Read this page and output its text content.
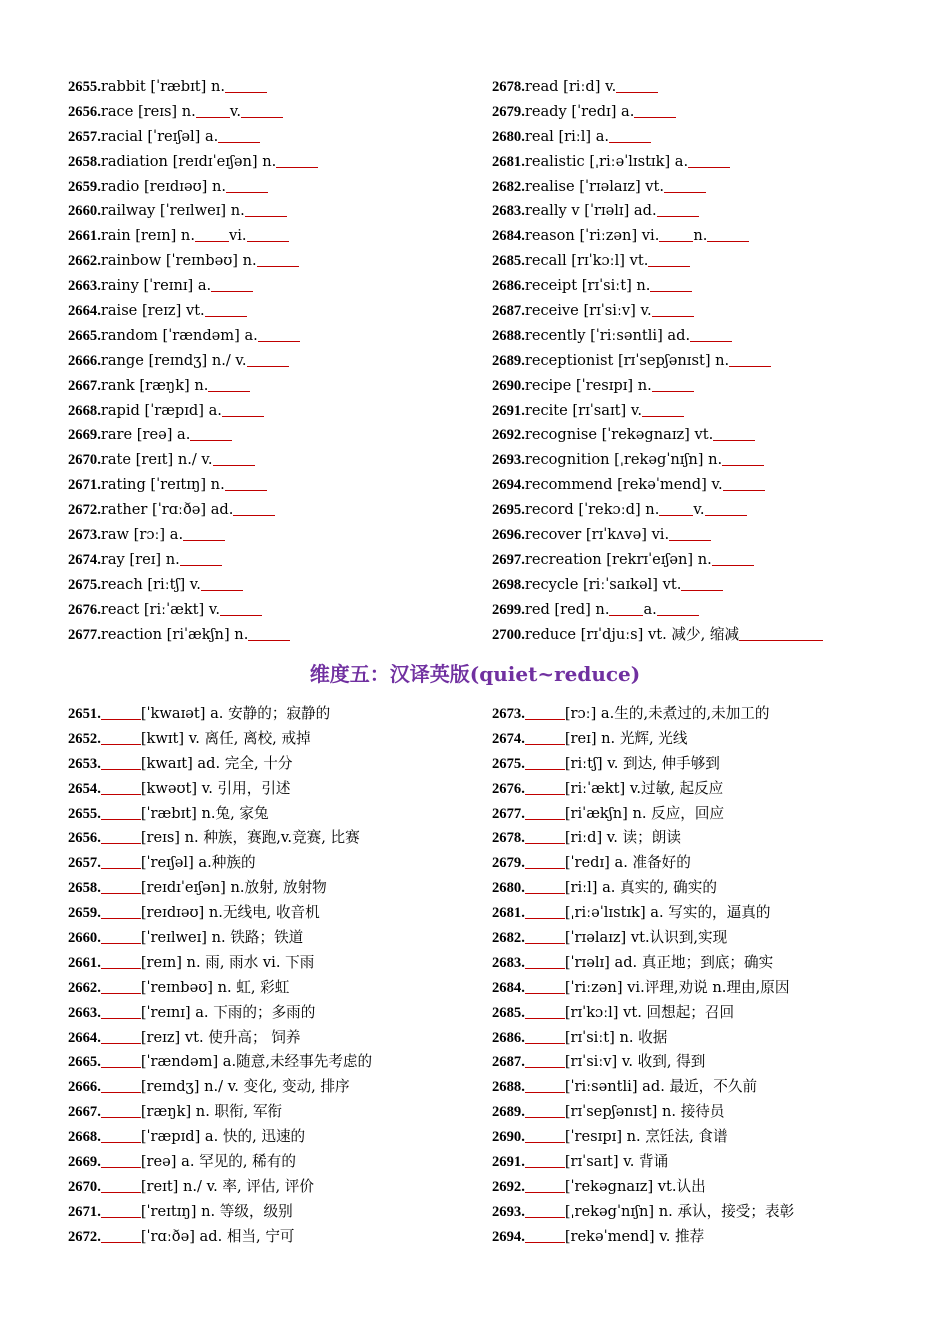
2655.rabbit [ˈræbɪt] n.
2656.race [reɪs] n. v.
2657.racial [ˈreɪʃəl] a.
2658.radiation [reɪdɪˈeɪʃən] n.
2659.radio [reɪdɪəʊ] n.
2660.railway [ˈreɪlweɪ] n.
2661.rain [reɪn] n. vi.
2662.rainbow [ˈreɪnbəʊ] n.
2663.rainy [ˈreɪnɪ] a.
2664.raise [reɪz] vt.
2665.random [ˈrændəm] a.
2666.range [reɪndʒ] n./ v.
2667.rank [ræŋk] n.
2668.rapid [ˈræpɪd] a.
2669.rare [reə] a.
2670.rate [reɪt] n./ v.
2671.rating [ˈreɪtɪŋ] n.
2672.rather [ˈrɑːðə] ad.
2673.raw [rɔː] a.
2674.ray [reɪ] n.
2675.reach [riːtʃ] v.
2676.react [riːˈækt] v.
2677.reaction [riˈækʃn] n.
2678.read [riːd] v.
2679.ready [ˈredɪ] a.
2680.real [riːl] a.
2681.realistic [ˌriːəˈlɪstɪk] a.
2682.realise [ˈrɪəlaɪz] vt.
2683.really v [ˈrɪəlɪ] ad.
2684.reason [ˈriːzən] vi. n.
2685.recall [rɪˈkɔːl] vt.
2686.receipt [rɪˈsiːt] n.
2687.receive [rɪˈsiːv] v.
2688.recently [ˈriːsəntli] ad.
2689.receptionist [rɪˈsepʃənɪst] n.
2690.recipe [ˈresɪpɪ] n.
2691.recite [rɪˈsaɪt] v.
2692.recognise [ˈrekəgnaɪz] vt.
2693.recognition [ˌrekəgˈnɪʃn] n.
2694.recommend [rekəˈmend] v.
2695.record [ˈrekɔːd] n. v.
2696.recover [rɪˈkʌvə] vi.
2697.recreation [rekrɪˈeɪʃən] n.
2698.recycle [riːˈsaɪkəl] vt.
2699.red [red] n. a.
2700.reduce [rɪˈdjuːs] vt. 减少, 缩减
维度五：汉译英版(quiet~reduce)
2651.	[ˈkwaɪət] a. 安静的；寂静的
2652.	[kwɪt] v. 离任, 离校, 戒掉
2653.	[kwaɪt] ad. 完全, 十分
2654.	[kwəʊt] v. 引用，引述
2655.	[ˈræbɪt] n.兔, 家兔
2656.	[reɪs] n. 种族，赛跑,v.竞赛, 比赛
2657.	[ˈreɪʃəl] a.种族的
2658.	[reɪdɪˈeɪʃən] n.放射, 放射物
2659.	[reɪdɪəʊ] n.无线电, 收音机
2660.	[ˈreɪlweɪ] n. 铁路；铁道
2661.	[reɪn] n. 雨, 雨水 vi. 下雨
2662.	[ˈreɪnbəʊ] n. 虹, 彩虹
2663.	[ˈreɪnɪ] a. 下雨的；多雨的
2664.	[reɪz] vt. 使升高； 饲养
2665.	[ˈrændəm] a.随意,未经事先考虑的
2666.	[reɪndʒ] n./ v. 变化, 变动, 排序
2667.	[ræŋk] n. 职衔, 军衔
2668.	[ˈræpɪd] a. 快的, 迅速的
2669.	[reə] a. 罕见的, 稀有的
2670.	[reɪt] n./ v. 率, 评估, 评价
2671.	[ˈreɪtɪŋ] n. 等级，级别
2672.	[ˈrɑːðə] ad. 相当, 宁可
2673.	[rɔː] a.生的,未煮过的,未加工的
2674.	[reɪ] n. 光辉, 光线
2675.	[riːtʃ] v. 到达, 伸手够到
2676.	[riːˈækt] v.过敏, 起反应
2677.	[riˈækʃn] n. 反应，回应
2678.	[riːd] v. 读；朗读
2679.	[ˈredɪ] a. 准备好的
2680.	[riːl] a. 真实的, 确实的
2681.	[ˌriːəˈlɪstɪk] a. 写实的，逼真的
2682.	[ˈrɪəlaɪz] vt.认识到,实现
2683.	[ˈrɪəlɪ] ad. 真正地；到底；确实
2684.	[ˈriːzən] vi.评理,劝说 n.理由,原因
2685.	[rɪˈkɔːl] vt. 回想起；召回
2686.	[rɪˈsiːt] n. 收据
2687.	[rɪˈsiːv] v. 收到, 得到
2688.	[ˈriːsəntli] ad. 最近，不久前
2689.	[rɪˈsepʃənɪst] n. 接待员
2690.	[ˈresɪpɪ] n. 烹饪法, 食谱
2691.	[rɪˈsaɪt] v. 背诵
2692.	[ˈrekəgnaɪz] vt.认出
2693.	[ˌrekəgˈnɪʃn] n. 承认，接受；表彰
2694.	[rekəˈmend] v. 推荐
